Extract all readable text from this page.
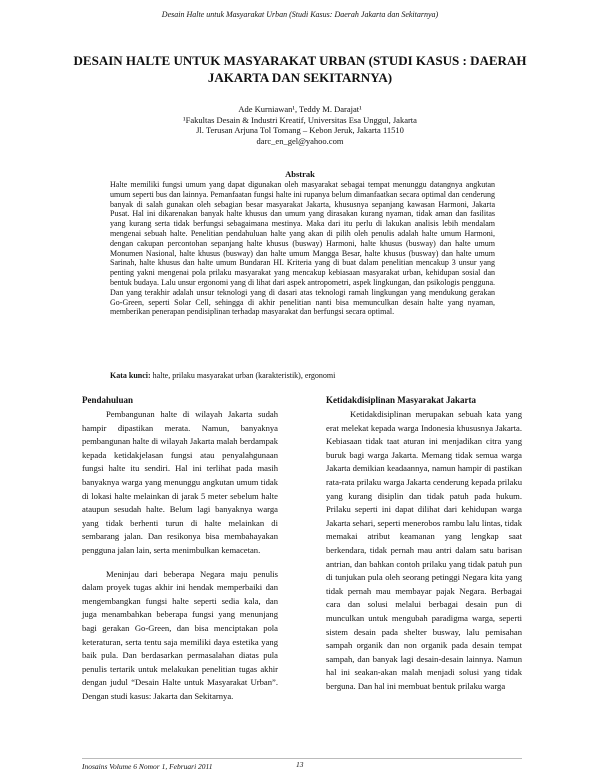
Desain Halte untuk Masyarakat Urban (Studi Kasus: Daerah Jakarta dan Sekitarnya)
DESAIN HALTE UNTUK MASYARAKAT URBAN (STUDI KASUS : DAERAH JAKARTA DAN SEKITARNYA)
Ade Kurniawan¹, Teddy M. Darajat¹
¹Fakultas Desain & Industri Kreatif, Universitas Esa Unggul, Jakarta
Jl. Terusan Arjuna Tol Tomang – Kebon Jeruk, Jakarta 11510
darc_en_gel@yahoo.com
Abstrak
Halte memiliki fungsi umum yang dapat digunakan oleh masyarakat sebagai tempat menunggu datangnya angkutan umum seperti bus dan lainnya. Pemanfaatan fungsi halte ini rupanya belum dimanfaatkan secara optimal dan cenderung banyak di salah gunakan oleh sebagian besar masyarakat Jakarta, khususnya sepanjang kawasan Harmoni, Jakarta Pusat. Hal ini dikarenakan banyak halte khusus dan umum yang dirasakan kurang nyaman, tidak aman dan fasilitas yang kurang serta tidak berfungsi sebagaimana mestinya. Maka dari itu perlu di lakukan analisis lebih mendalam mengenai sebuah halte. Penelitian pendahuluan halte yang akan di pilih oleh penulis adalah halte umum Harmoni, dengan cakupan percontohan sepanjang halte khusus (busway) Harmoni, halte khusus (busway) dan halte umum Monumen Nasional, halte khusus (busway) dan halte umum Mangga Besar, halte khusus (busway) dan halte umum Sarinah, halte khusus dan halte umum Bundaran HI. Kriteria yang di buat dalam penelitian mencakup 3 unsur yang penting yakni mengenai pola prilaku masyarakat yang mencakup kebiasaan masyarakat urban, kehidupan sosial dan bentuk budaya. Lalu unsur ergonomi yang di lihat dari aspek antropometri, aspek lingkungan, dan psikologis pengguna. Dan yang terakhir adalah unsur teknologi yang di dasari atas teknologi ramah lingkungan yang mendukung gerakan Go-Green, seperti Solar Cell, sehingga di akhir penelitian nanti bisa memunculkan desain halte yang nyaman, memberikan penerapan pendisiplinan terhadap masyarakat dan berfungsi secara optimal.
Kata kunci: halte, prilaku masyarakat urban (karakteristik), ergonomi
Pendahuluan

Pembangunan halte di wilayah Jakarta sudah hampir dipastikan merata. Namun, banyaknya pembangunan halte di wilayah Jakarta malah berdampak kepada ketidakjelasan fungsi atau penyalahgunaan fungsi halte itu sendiri. Hal ini terlihat pada masih banyaknya warga yang menunggu angkutan umum tidak di lokasi halte melainkan di jarak 5 meter sebelum halte ataupun sesudah halte. Belum lagi banyaknya warga yang tidak berhenti turun di halte melainkan di sembarang jalan. Dan resikonya bisa membahayakan pengguna jalan lain, serta menimbulkan kemacetan.

Meninjau dari beberapa Negara maju penulis dalam proyek tugas akhir ini hendak memperbaiki dan mengembangkan fungsi halte seperti sedia kala, dan juga menambahkan beberapa fungsi yang menunjang bagi gerakan Go-Green, dan bisa menciptakan pola keteraturan, serta tentu saja memiliki daya estetika yang baik pula. Dan berdasarkan permasalahan diatas pula penulis tertarik untuk melakukan penelitian tugas akhir dengan judul “Desain Halte untuk Masyarakat Urban”. Dengan studi kasus: Jakarta dan Sekitarnya.

Ketidakdisiplinan Masyarakat Jakarta

Ketidakdisiplinan merupakan sebuah kata yang erat melekat kepada warga Indonesia khususnya Jakarta. Kebiasaan tidak taat aturan ini menjadikan citra yang buruk bagi warga Jakarta. Memang tidak semua warga Jakarta demikian keadaannya, namun hampir di pastikan rata-rata prilaku warga Jakarta cenderung kepada prilaku yang kurang disiplin dan tidak patuh pada hukum. Prilaku seperti ini dapat dilihat dari kehidupan warga Jakarta sehari, seperti menerobos rambu lalu lintas, tidak memakai atribut keamanan yang lengkap saat berkendara, tidak pernah mau antri dalam satu barisan antrian, dan bahkan contoh prilaku yang tidak patuh pun di tunjukan pula oleh seorang petinggi Negara kita yang tidak pernah mau membayar pajak Negara. Berbagai cara dan solusi melalui berbagai desain pun di munculkan untuk mengubah paradigma warga, seperti sistem desain pada shelter busway, lalu pemisahan sampah organik dan non organik pada desain tempat sampah, dan banyak lagi desain-desain lainnya. Namun hal ini seakan-akan malah menjadi solusi yang tidak berguna. Dan hal ini membuat bentuk prilaku warga

Inosains Volume 6 Nomor 1, Februari 2011	13
